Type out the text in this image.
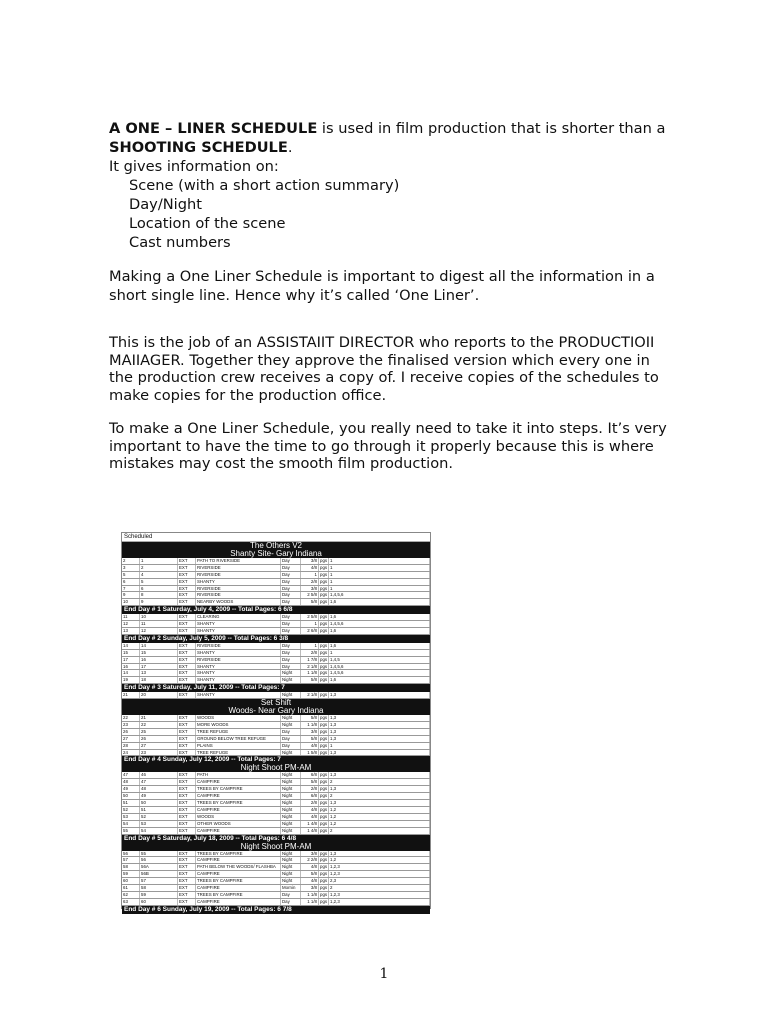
A ONE – LINER SCHEDULE is used in film production that is shorter than a SHOOTING SCHEDULE.

It gives information on:

Scene (with a short action summary)

Day/Night

Location of the scene

Cast numbers

Making a One Liner Schedule is important to digest all the information in a short single line. Hence why it’s called ‘One Liner’.

This is the job of an ASSISTAIIT DIRECTOR who reports to the PRODUCTIOII MAIIAGER. Together they approve the finalised version which every one in the production crew receives a copy of. I receive copies of the schedules to make copies for the production office.

To make a One Liner Schedule, you really need to take it into steps. It’s very important to have the time to go through it properly because this is where mistakes may cost the smooth film production.

Scheduled
The Others V2
Shanty Site- Gary Indiana
2	1	EXT	PATH TO RIVERSIDE	Day	3/8 pgs 1
3	2	EXT	RIVERSIDE	Day	4/8 pgs 1
5	4	EXT	RIVERSIDE	Day	1 pgs 1
6	5	EXT	SHANTY	Day	2/8 pgs 1
7	6	EXT	RIVERSIDE	Day	3/8 pgs 1
9	8	EXT	RIVERSIDE	Day	2 5/8 pgs 1,4,5,6
10	9	EXT	NEARBY WOODS	Day	5/8 pgs 1,6
End Day # 1 Saturday, July 4, 2009 -- Total Pages: 6 6/8
11	10	EXT	CLEARING	Day	2 5/8 pgs 1,6
12	11	EXT	SHANTY	Day	1 pgs 1,4,5,6
13	12	EXT	SHANTY	Day	2 6/8 pgs 1,6
End Day # 2 Sunday, July 5, 2009 -- Total Pages: 6 3/8
14	14	EXT	RIVERSIDE	Day	1 pgs 1,6
15	15	EXT	SHANTY	Day	2/8 pgs 1
17	16	EXT	RIVERSIDE	Day	1 7/8 pgs 1,4,5
16	17	EXT	SHANTY	Day	2 1/8 pgs 1,4,5,6
14	13	EXT	SHANTY	Night	1 1/8 pgs 1,4,5,6
19	18	EXT	SHANTY	Night	5/8 pgs 1,6
End Day # 3 Saturday, July 11, 2009 -- Total Pages: 7
21	20	EXT	SHANTY	Night	2 1/8 pgs 1,3
Set Shift
Woods- Near Gary Indiana
22	21	EXT	WOODS	Night	5/8 pgs 1,3
23	22	EXT	MORE WOODS	Night	1 1/8 pgs 1,3
26	25	EXT	TREE REFUGE	Day	3/8 pgs 1,3
27	26	EXT	GROUND BELOW TREE REFUGE	Day	5/8 pgs 1,3
28	27	EXT	PLAINS	Day	4/8 pgs 1
24	23	EXT	TREE REFUGE	Night	1 5/8 pgs 1,3
End Day # 4 Sunday, July 12, 2009 -- Total Pages: 7
Night Shoot PM-AM
47	46	EXT	PATH	Night	6/8 pgs 1,3
48	47	EXT	CAMPFIRE	Night	5/8 pgs 2
49	48	EXT	TREES BY CAMPFIRE	Night	2/8 pgs 1,3
50	49	EXT	CAMPFIRE	Night	6/8 pgs 2
51	50	EXT	TREES BY CAMPFIRE	Night	2/8 pgs 1,3
52	51	EXT	CAMPFIRE	Night	4/8 pgs 1,2
53	52	EXT	WOODS	Night	4/8 pgs 1,2
54	53	EXT	OTHER WOODS	Night	1 4/8 pgs 1,2
55	54	EXT	CAMPFIRE	Night	1 4/8 pgs 2
End Day # 5 Saturday, July 18, 2009 -- Total Pages: 6 4/8
Night Shoot PM-AM
56	55	EXT	TREES BY CAMPFIRE	Night	3/8 pgs 1,3
57	56	EXT	CAMPFIRE	Night	2 2/8 pgs 1,2
58	56A	EXT	PATH BELOW THE WOODS/ FLASHBA	Night	4/8 pgs 1,2,3
59	56B	EXT	CAMPFIRE	Night	5/8 pgs 1,2,3
60	57	EXT	TREES BY CAMPFIRE	Night	4/8 pgs 2,3
61	58	EXT	CAMPFIRE	Mornin	3/8 pgs 2
62	59	EXT	TREES BY CAMPFIRE	Day	1 1/8 pgs 1,2,3
63	60	EXT	CAMPFIRE	Day	1 1/8 pgs 1,2,3
End Day # 6 Sunday, July 19, 2009 -- Total Pages: 6 7/8
1
